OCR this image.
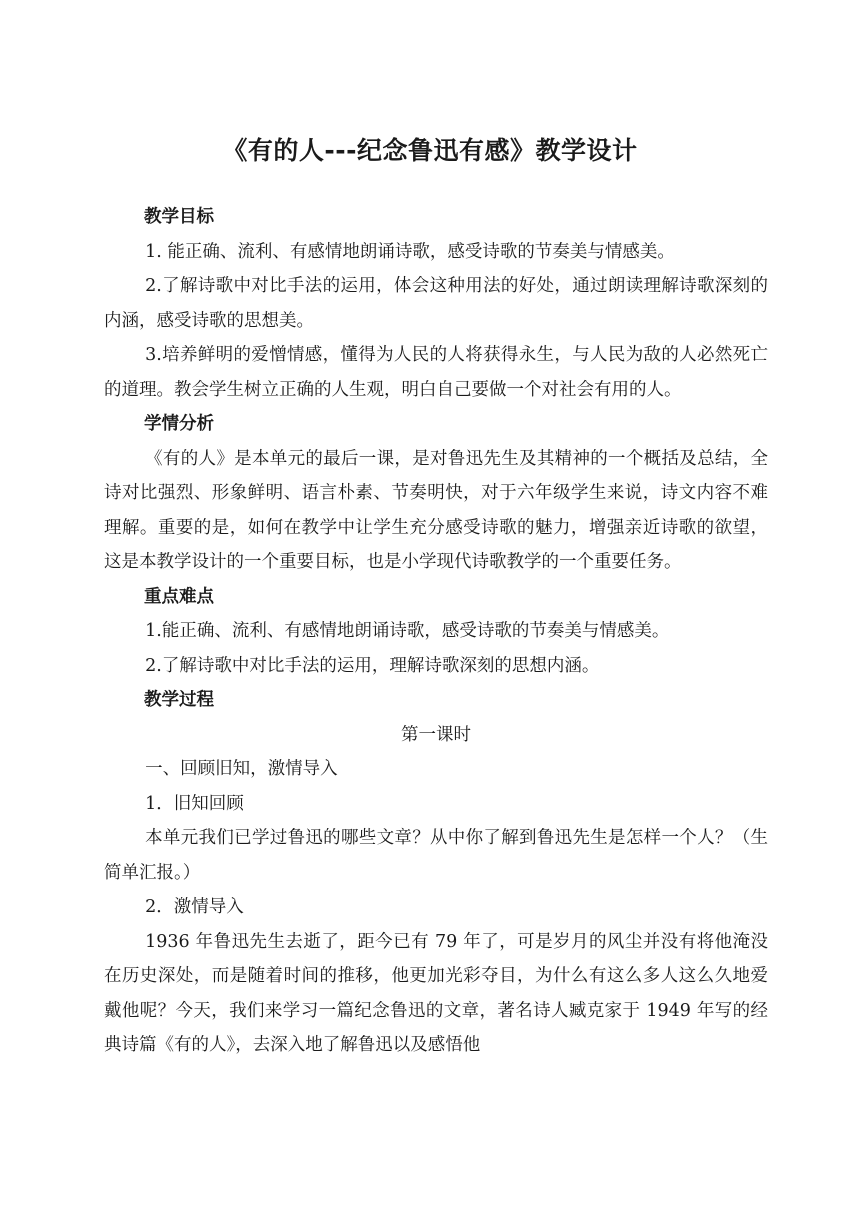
《有的人---纪念鲁迅有感》教学设计
教学目标

1. 能正确、流利、有感情地朗诵诗歌，感受诗歌的节奏美与情感美。

2.了解诗歌中对比手法的运用，体会这种用法的好处，通过朗读理解诗歌深刻的内涵，感受诗歌的思想美。

3.培养鲜明的爱憎情感，懂得为人民的人将获得永生，与人民为敌的人必然死亡的道理。教会学生树立正确的人生观，明白自己要做一个对社会有用的人。

学情分析

《有的人》是本单元的最后一课，是对鲁迅先生及其精神的一个概括及总结，全诗对比强烈、形象鲜明、语言朴素、节奏明快，对于六年级学生来说，诗文内容不难理解。重要的是，如何在教学中让学生充分感受诗歌的魅力，增强亲近诗歌的欲望，这是本教学设计的一个重要目标，也是小学现代诗歌教学的一个重要任务。

重点难点

1.能正确、流利、有感情地朗诵诗歌，感受诗歌的节奏美与情感美。

2.了解诗歌中对比手法的运用，理解诗歌深刻的思想内涵。

教学过程

第一课时

一、回顾旧知，激情导入

1．旧知回顾

本单元我们已学过鲁迅的哪些文章？从中你了解到鲁迅先生是怎样一个人？（生简单汇报。）

2．激情导入

1936 年鲁迅先生去逝了，距今已有 79 年了，可是岁月的风尘并没有将他淹没在历史深处，而是随着时间的推移，他更加光彩夺目，为什么有这么多人这么久地爱戴他呢？今天，我们来学习一篇纪念鲁迅的文章，著名诗人臧克家于 1949 年写的经典诗篇《有的人》，去深入地了解鲁迅以及感悟他
